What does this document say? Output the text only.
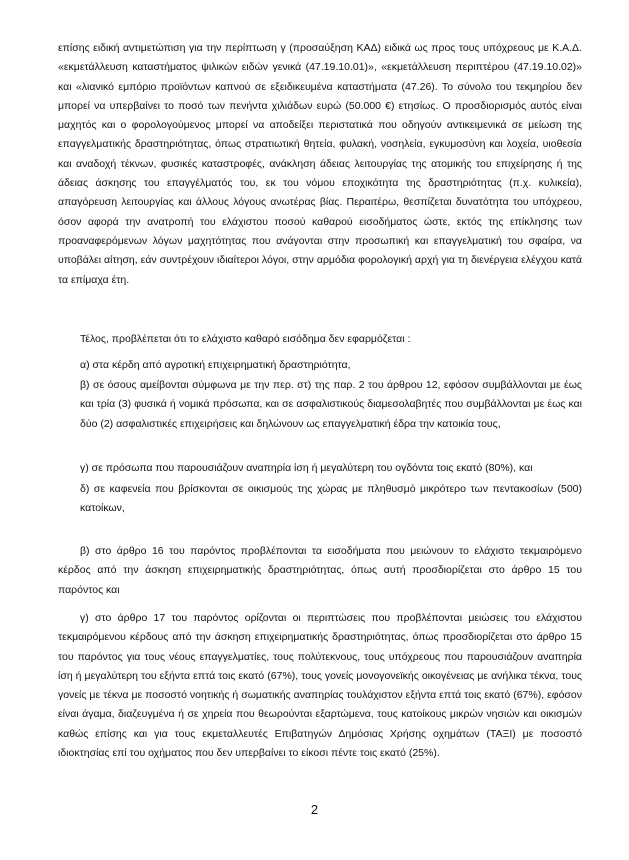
επίσης ειδική αντιμετώπιση για την περίπτωση γ (προσαύξηση ΚΑΔ) ειδικά ως προς τους υπόχρεους με Κ.Α.Δ. «εκμετάλλευση καταστήματος ψιλικών ειδών γενικά (47.19.10.01)», «εκμετάλλευση περιπτέρου (47.19.10.02)» και «λιανικό εμπόριο προϊόντων καπνού σε εξειδικευμένα καταστήματα (47.26). Το σύνολο του τεκμηρίου δεν μπορεί να υπερβαίνει το ποσό των πενήντα χιλιάδων ευρώ (50.000 €) ετησίως. Ο προσδιορισμός αυτός είναι μαχητός και ο φορολογούμενος μπορεί να αποδείξει περιστατικά που οδηγούν αντικειμενικά σε μείωση της επαγγελματικής δραστηριότητας, όπως στρατιωτική θητεία, φυλακή, νοσηλεία, εγκυμοσύνη και λοχεία, υιοθεσία και αναδοχή τέκνων, φυσικές καταστροφές, ανάκληση άδειας λειτουργίας της ατομικής του επιχείρησης ή της άδειας άσκησης του επαγγέλματός του, εκ του νόμου εποχικότητα της δραστηριότητας (π.χ. κυλικεία), απαγόρευση λειτουργίας και άλλους λόγους ανωτέρας βίας. Περαιτέρω, θεσπίζεται δυνατότητα του υπόχρεου, όσον αφορά την ανατροπή του ελάχιστου ποσού καθαρού εισοδήματος ώστε, εκτός της επίκλησης των προαναφερόμενων λόγων μαχητότητας που ανάγονται στην προσωπική και επαγγελματική του σφαίρα, να υποβάλει αίτηση, εάν συντρέχουν ιδιαίτεροι λόγοι, στην αρμόδια φορολογική αρχή για τη διενέργεια ελέγχου κατά τα επίμαχα έτη.

Τέλος, προβλέπεται ότι το ελάχιστο καθαρό εισόδημα δεν εφαρμόζεται :

α) στα κέρδη από αγροτική επιχειρηματική δραστηριότητα,

β) σε όσους αμείβονται σύμφωνα με την περ. στ) της παρ. 2 του άρθρου 12, εφόσον συμβάλλονται με έως και τρία (3) φυσικά ή νομικά πρόσωπα, και σε ασφαλιστικούς διαμεσολαβητές που συμβάλλονται με έως και δύο (2) ασφαλιστικές επιχειρήσεις και δηλώνουν ως επαγγελματική έδρα την κατοικία τους,

γ) σε πρόσωπα που παρουσιάζουν αναπηρία ίση ή μεγαλύτερη του ογδόντα τοις εκατό (80%), και

δ) σε καφενεία που βρίσκονται σε οικισμούς της χώρας με πληθυσμό μικρότερο των πεντακοσίων (500) κατοίκων,

β) στο άρθρο 16 του παρόντος προβλέπονται τα εισοδήματα που μειώνουν το ελάχιστο τεκμαιρόμενο κέρδος από την άσκηση επιχειρηματικής δραστηριότητας, όπως αυτή προσδιορίζεται στο άρθρο 15 του παρόντος και

γ) στο άρθρο 17 του παρόντος ορίζονται οι περιπτώσεις που προβλέπονται μειώσεις του ελάχιστου τεκμαιρόμενου κέρδους από την άσκηση επιχειρηματικής δραστηριότητας, όπως προσδιορίζεται στο άρθρο 15 του παρόντος για τους νέους επαγγελματίες, τους πολύτεκνους, τους υπόχρεους που παρουσιάζουν αναπηρία ίση ή μεγαλύτερη του εξήντα επτά τοις εκατό (67%), τους γονείς μονογονεϊκής οικογένειας με ανήλικα τέκνα, τους γονείς με τέκνα με ποσοστό νοητικής ή σωματικής αναπηρίας τουλάχιστον εξήντα επτά τοις εκατό (67%), εφόσον είναι άγαμα, διαζευγμένα ή σε χηρεία που θεωρούνται εξαρτώμενα, τους κατοίκους μικρών νησιών και οικισμών καθώς επίσης και για τους εκμεταλλευτές Επιβατηγών Δημόσιας Χρήσης οχημάτων (ΤΑΞΙ) με ποσοστό ιδιοκτησίας επί του οχήματος που δεν υπερβαίνει το είκοσι πέντε τοις εκατό (25%).

2
